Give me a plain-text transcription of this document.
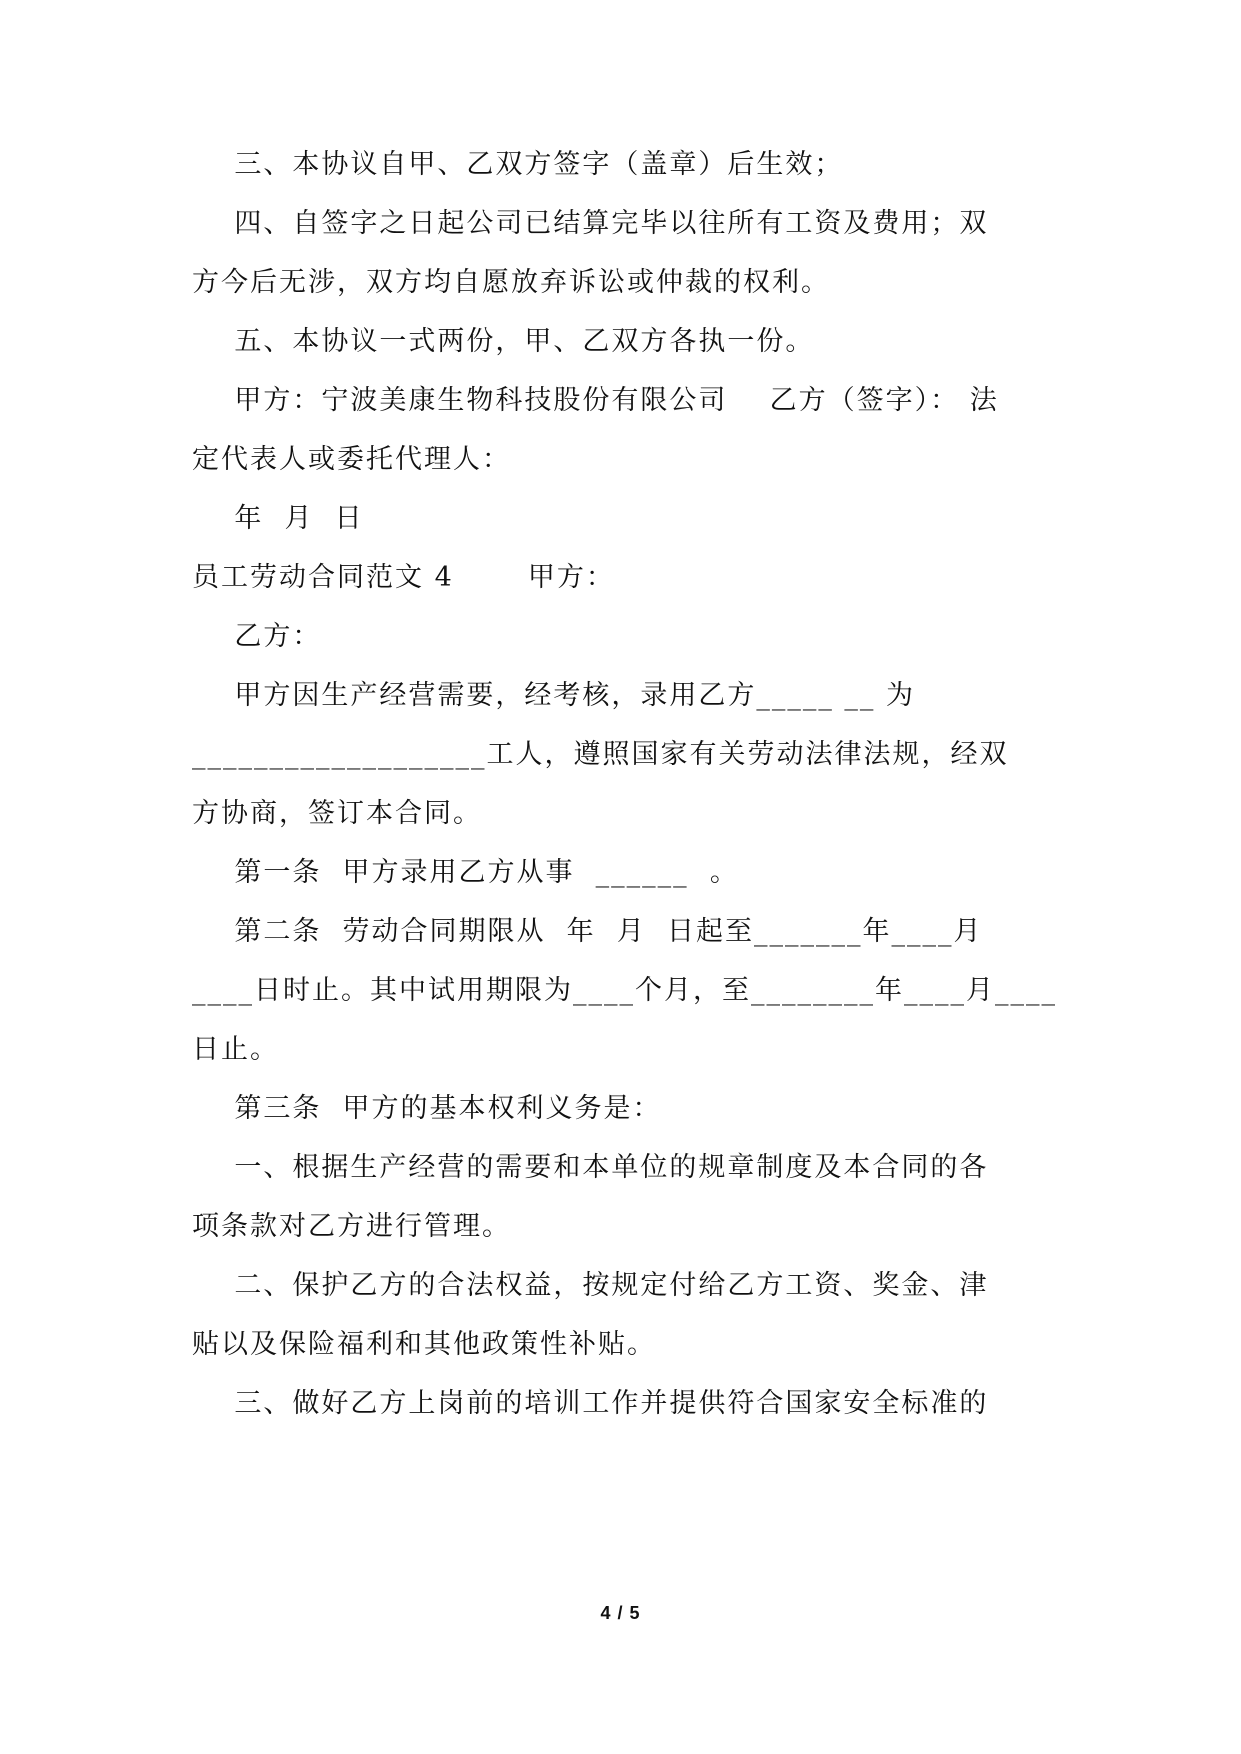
三、本协议自甲、乙双方签字（盖章）后生效；
四、自签字之日起公司已结算完毕以往所有工资及费用；双
方今后无涉，双方均自愿放弃诉讼或仲裁的权利。
五、本协议一式两份，甲、乙双方各执一份。
甲方：宁波美康生物科技股份有限公司    乙方（签字）： 法
定代表人或委托代理人：
年  月  日
员工劳动合同范文 4       甲方：
乙方：
甲方因生产经营需要，经考核，录用乙方_____ __ 为
___________________工人，遵照国家有关劳动法律法规，经双
方协商，签订本合同。
第一条  甲方录用乙方从事  ______  。
第二条  劳动合同期限从  年  月  日起至_______年____月
____日时止。其中试用期限为____个月，至________年____月____
日止。
第三条  甲方的基本权利义务是：
一、根据生产经营的需要和本单位的规章制度及本合同的各
项条款对乙方进行管理。
二、保护乙方的合法权益，按规定付给乙方工资、奖金、津
贴以及保险福利和其他政策性补贴。
三、做好乙方上岗前的培训工作并提供符合国家安全标准的
4 / 5
